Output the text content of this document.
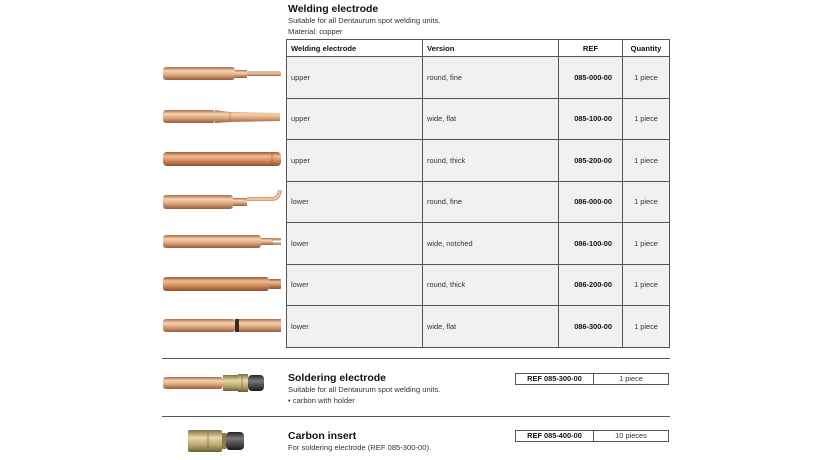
Welding electrode
Suitable for all Dentaurum spot welding units.
Material: copper
Welding electrode	Version	REF	Quantity
upper	round, fine	085-000-00	1 piece
upper	wide, flat	085-100-00	1 piece
upper	round, thick	085-200-00	1 piece
lower	round, fine	086-000-00	1 piece
lower	wide, notched	086-100-00	1 piece
lower	round, thick	086-200-00	1 piece
lower	wide, flat	086-300-00	1 piece
Soldering electrode
Suitable for all Dentaurum spot welding units.
• carbon with holder
REF 085-300-00	1 piece
Carbon insert
For soldering electrode (REF 085-300-00).
REF 085-400-00	10 pieces
